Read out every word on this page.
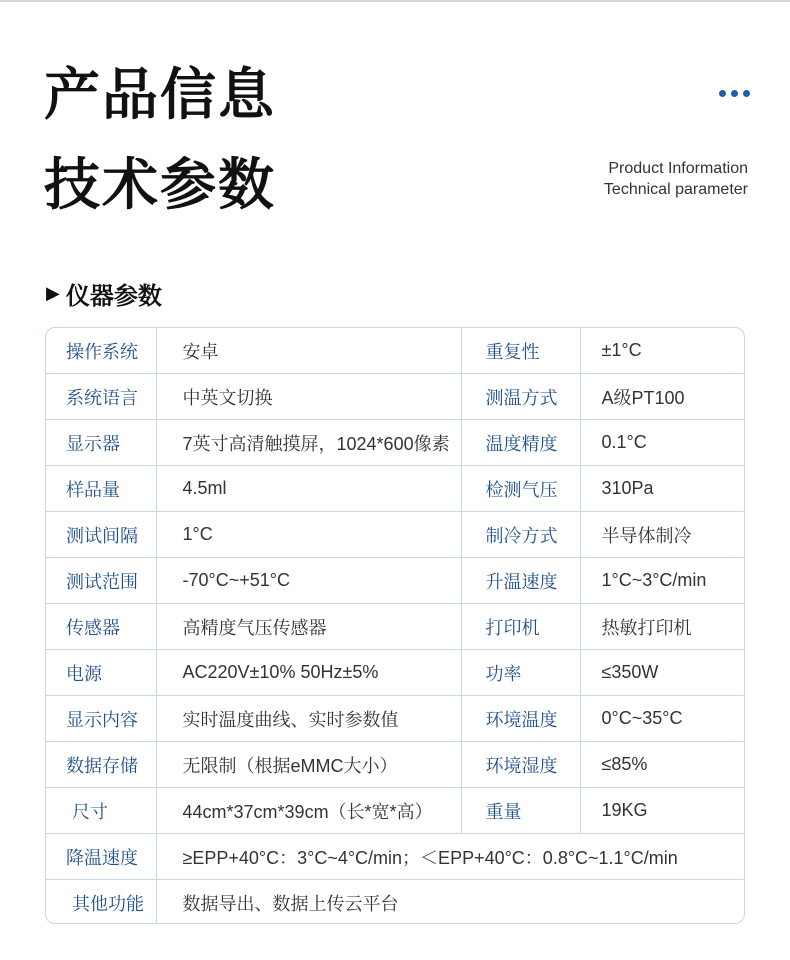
产品信息
技术参数	Product Information
Technical parameter
▶ 仪器参数
操作系统	安卓	重复性	±1°C
系统语言	中英文切换	测温方式	A级PT100
显示器	7英寸高清触摸屏，1024*600像素	温度精度	0.1°C
样品量	4.5ml	检测气压	310Pa
测试间隔	1°C	制冷方式	半导体制冷
测试范围	-70°C~+51°C	升温速度	1°C~3°C/min
传感器	高精度气压传感器	打印机	热敏打印机
电源	AC220V±10% 50Hz±5%	功率	≤350W
显示内容	实时温度曲线、实时参数值	环境温度	0°C~35°C
数据存储	无限制（根据eMMC大小）	环境湿度	≤85%
尺寸	44cm*37cm*39cm（长*宽*高）	重量	19KG
降温速度	≥EPP+40°C：3°C~4°C/min；＜EPP+40°C：0.8°C~1.1°C/min		
其他功能	数据导出、数据上传云平台		
